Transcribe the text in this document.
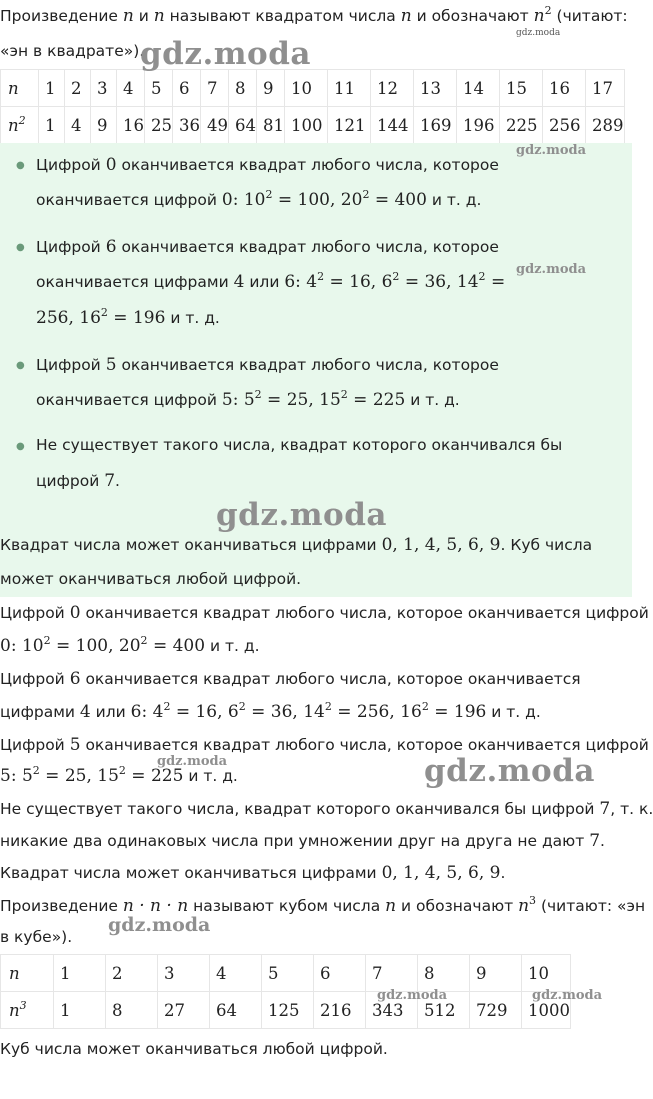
Произведение n и n называют квадратом числа n и обозначают $n^2$ (читают:
«эн в квадрате»).
n	1	2	3	4	5	6	7	8	9	10	11	12	13	14	15	16	17
$n^2$	1	4	9	16	25	36	49	64	81	100	121	144	169	196	225	256	289
● Цифрой 0 оканчивается квадрат любого числа, которое
оканчивается цифрой 0: $10^2 = 100$, $20^2 = 400$ и т. д.
● Цифрой 6 оканчивается квадрат любого числа, которое
оканчивается цифрами 4 или 6: $4^2 = 16$, $6^2 = 36$, $14^2$ =
256, $16^2 = 196$ и т. д.
● Цифрой 5 оканчивается квадрат любого числа, которое
оканчивается цифрой 5: $5^2 = 25$, $15^2 = 225$ и т. д.
● Не существует такого числа, квадрат которого оканчивался бы
цифрой 7.
Квадрат числа может оканчиваться цифрами 0, 1, 4, 5, 6, 9. Куб числа
может оканчиваться любой цифрой.
Цифрой 0 оканчивается квадрат любого числа, которое оканчивается цифрой
0: $10^2 = 100$, $20^2 = 400$ и т. д.
Цифрой 6 оканчивается квадрат любого числа, которое оканчивается
цифрами 4 или 6: $4^2 = 16$, $6^2 = 36$, $14^2 = 256$, $16^2 = 196$ и т. д.
Цифрой 5 оканчивается квадрат любого числа, которое оканчивается цифрой
5: $5^2 = 25$, $15^2 = 225$ и т. д.
Не существует такого числа, квадрат которого оканчивался бы цифрой 7, т. к.
никакие два одинаковых числа при умножении друг на друга не дают 7.
Квадрат числа может оканчиваться цифрами 0, 1, 4, 5, 6, 9.
Произведение n · n · n называют кубом числа n и обозначают $n^3$ (читают: «эн
в кубе»).
n	1	2	3	4	5	6	7	8	9	10
$n^3$	1	8	27	64	125	216	343	512	729	1000
Куб числа может оканчиваться любой цифрой.
gdz.moda
gdz.moda
gdz.moda
gdz.moda
gdz.moda
gdz.moda
gdz.moda
gdz.moda	gdz.moda
gdz.moda
